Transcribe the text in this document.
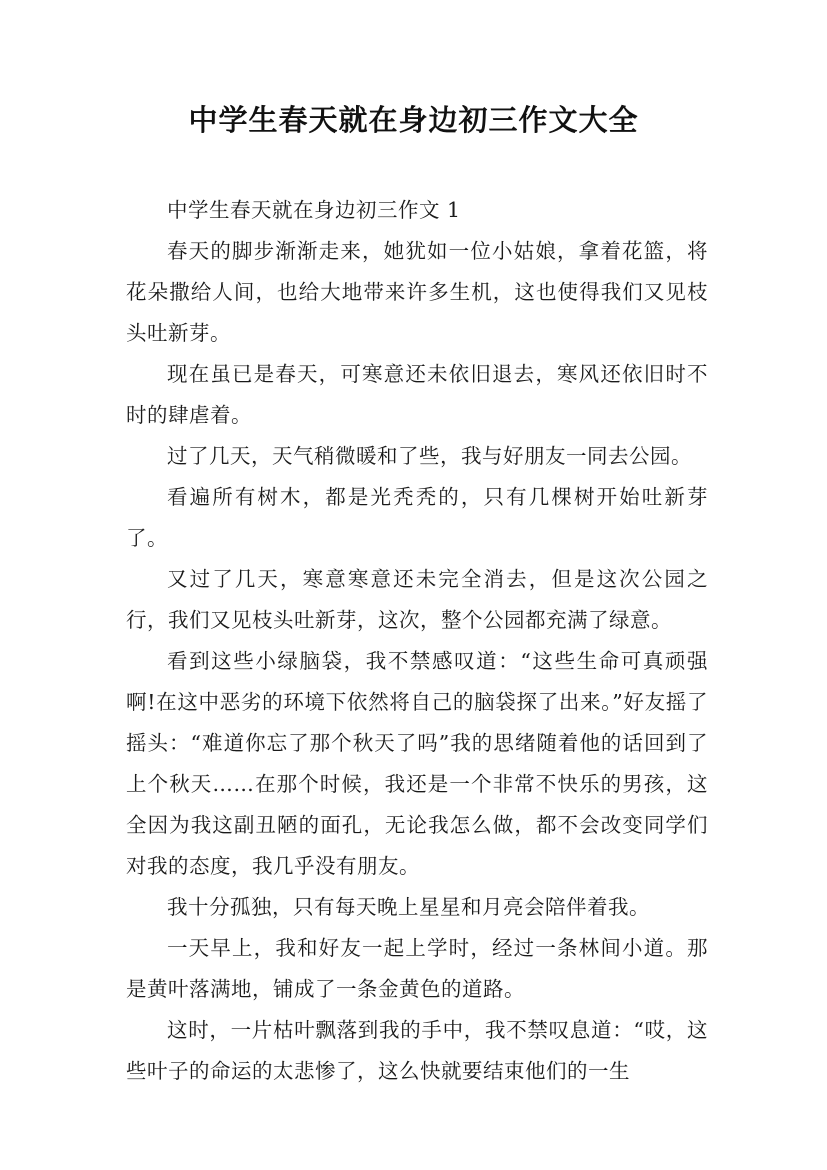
中学生春天就在身边初三作文大全

中学生春天就在身边初三作文 1

春天的脚步渐渐走来，她犹如一位小姑娘，拿着花篮，将花朵撒给人间，也给大地带来许多生机，这也使得我们又见枝头吐新芽。

现在虽已是春天，可寒意还未依旧退去，寒风还依旧时不时的肆虐着。

过了几天，天气稍微暖和了些，我与好朋友一同去公园。

看遍所有树木，都是光秃秃的，只有几棵树开始吐新芽了。

又过了几天，寒意寒意还未完全消去，但是这次公园之行，我们又见枝头吐新芽，这次，整个公园都充满了绿意。

看到这些小绿脑袋，我不禁感叹道：“这些生命可真顽强啊!在这中恶劣的环境下依然将自己的脑袋探了出来。”好友摇了摇头：“难道你忘了那个秋天了吗”我的思绪随着他的话回到了上个秋天……在那个时候，我还是一个非常不快乐的男孩，这全因为我这副丑陋的面孔，无论我怎么做，都不会改变同学们对我的态度，我几乎没有朋友。

我十分孤独，只有每天晚上星星和月亮会陪伴着我。

一天早上，我和好友一起上学时，经过一条林间小道。那是黄叶落满地，铺成了一条金黄色的道路。

这时，一片枯叶飘落到我的手中，我不禁叹息道：“哎，这些叶子的命运的太悲惨了，这么快就要结束他们的一生
